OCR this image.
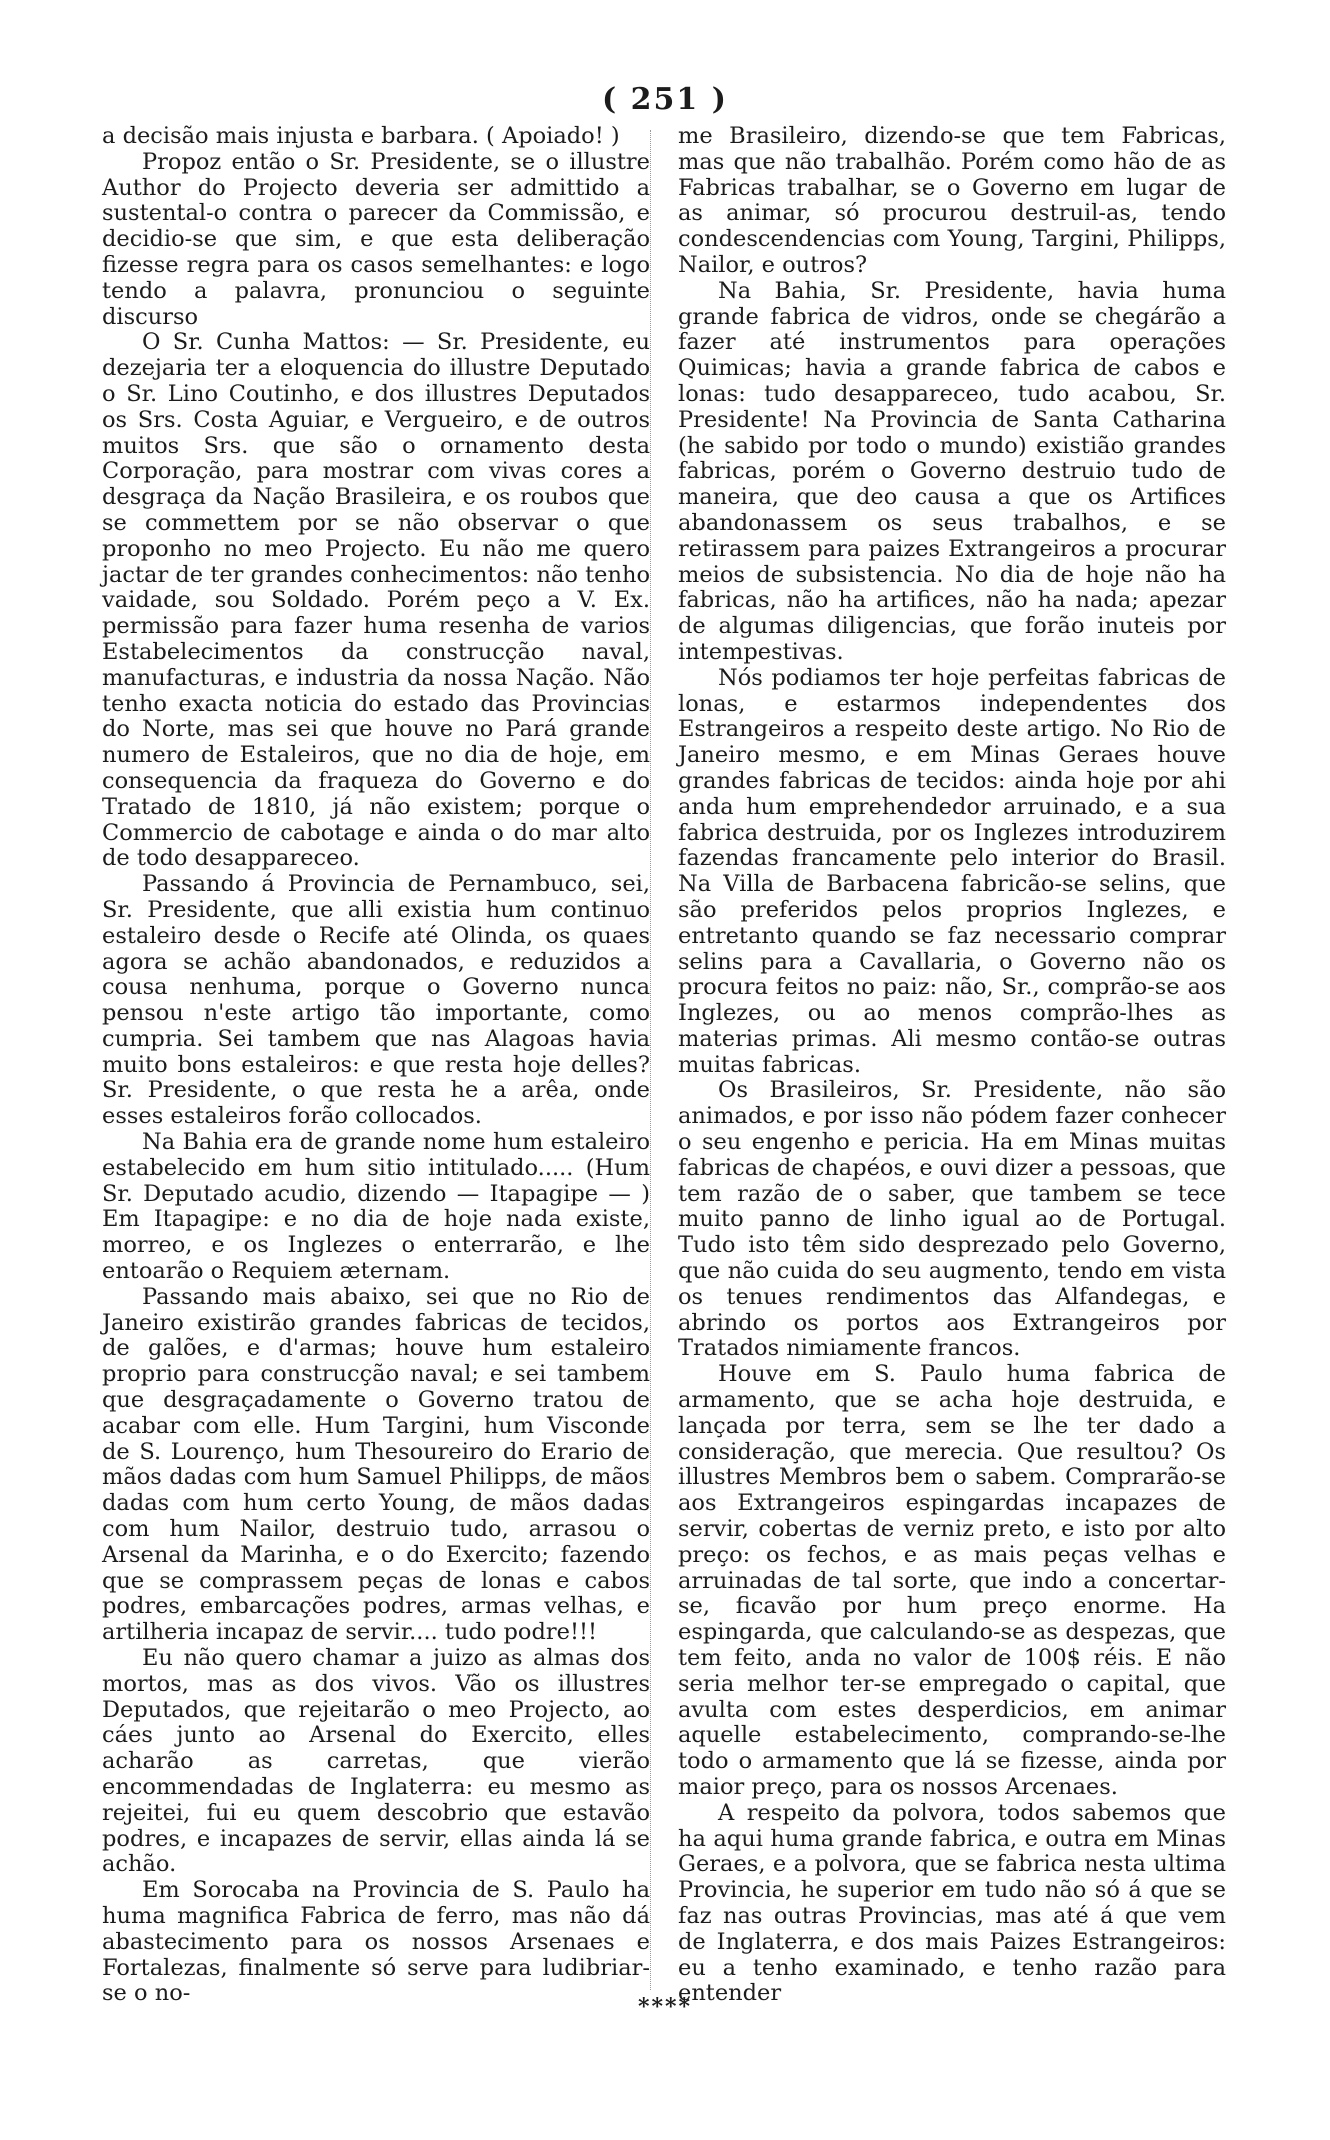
( 251 )

a decisão mais injusta e barbara. ( Apoiado! )

Propoz então o Sr. Presidente, se o illustre Author do Projecto deveria ser admittido a sustental-o contra o parecer da Commissão, e decidio-se que sim, e que esta deliberação fizesse regra para os casos semelhantes: e logo tendo a palavra, pronunciou o seguinte discurso

O Sr. Cunha Mattos: — Sr. Presidente, eu dezejaria ter a eloquencia do illustre Deputado o Sr. Lino Coutinho, e dos illustres Deputados os Srs. Costa Aguiar, e Vergueiro, e de outros muitos Srs. que são o ornamento desta Corporação, para mostrar com vivas cores a desgraça da Nação Brasileira, e os roubos que se commettem por se não observar o que proponho no meo Projecto. Eu não me quero jactar de ter grandes conhecimentos: não tenho vaidade, sou Soldado. Porém peço a V. Ex. permissão para fazer huma resenha de varios Estabelecimentos da construcção naval, manufacturas, e industria da nossa Nação. Não tenho exacta noticia do estado das Provincias do Norte, mas sei que houve no Pará grande numero de Estaleiros, que no dia de hoje, em consequencia da fraqueza do Governo e do Tratado de 1810, já não existem; porque o Commercio de cabotage e ainda o do mar alto de todo desappareceo.

Passando á Provincia de Pernambuco, sei, Sr. Presidente, que alli existia hum continuo estaleiro desde o Recife até Olinda, os quaes agora se achão abandonados, e reduzidos a cousa nenhuma, porque o Governo nunca pensou n'este artigo tão importante, como cumpria. Sei tambem que nas Alagoas havia muito bons estaleiros: e que resta hoje delles? Sr. Presidente, o que resta he a arêa, onde esses estaleiros forão collocados.

Na Bahia era de grande nome hum estaleiro estabelecido em hum sitio intitulado..... (Hum Sr. Deputado acudio, dizendo — Itapagipe — ) Em Itapagipe: e no dia de hoje nada existe, morreo, e os Inglezes o enterrarão, e lhe entoarão o Requiem æternam.

Passando mais abaixo, sei que no Rio de Janeiro existirão grandes fabricas de tecidos, de galões, e d'armas; houve hum estaleiro proprio para construcção naval; e sei tambem que desgraçadamente o Governo tratou de acabar com elle. Hum Targini, hum Visconde de S. Lourenço, hum Thesoureiro do Erario de mãos dadas com hum Samuel Philipps, de mãos dadas com hum certo Young, de mãos dadas com hum Nailor, destruio tudo, arrasou o Arsenal da Marinha, e o do Exercito; fazendo que se comprassem peças de lonas e cabos podres, embarcações podres, armas velhas, e artilheria incapaz de servir.... tudo podre!!!

Eu não quero chamar a juizo as almas dos mortos, mas as dos vivos. Vão os illustres Deputados, que rejeitarão o meo Projecto, ao cáes junto ao Arsenal do Exercito, elles acharão as carretas, que vierão encommendadas de Inglaterra: eu mesmo as rejeitei, fui eu quem descobrio que estavão podres, e incapazes de servir, ellas ainda lá se achão.

Em Sorocaba na Provincia de S. Paulo ha huma magnifica Fabrica de ferro, mas não dá abastecimento para os nossos Arsenaes e Fortalezas, finalmente só serve para ludibriar-se o no-

me Brasileiro, dizendo-se que tem Fabricas, mas que não trabalhão. Porém como hão de as Fabricas trabalhar, se o Governo em lugar de as animar, só procurou destruil-as, tendo condescendencias com Young, Targini, Philipps, Nailor, e outros?

Na Bahia, Sr. Presidente, havia huma grande fabrica de vidros, onde se chegárão a fazer até instrumentos para operações Quimicas; havia a grande fabrica de cabos e lonas: tudo desappareceo, tudo acabou, Sr. Presidente! Na Provincia de Santa Catharina (he sabido por todo o mundo) existião grandes fabricas, porém o Governo destruio tudo de maneira, que deo causa a que os Artifices abandonassem os seus trabalhos, e se retirassem para paizes Extrangeiros a procurar meios de subsistencia. No dia de hoje não ha fabricas, não ha artifices, não ha nada; apezar de algumas diligencias, que forão inuteis por intempestivas.

Nós podiamos ter hoje perfeitas fabricas de lonas, e estarmos independentes dos Estrangeiros a respeito deste artigo. No Rio de Janeiro mesmo, e em Minas Geraes houve grandes fabricas de tecidos: ainda hoje por ahi anda hum emprehendedor arruinado, e a sua fabrica destruida, por os Inglezes introduzirem fazendas francamente pelo interior do Brasil. Na Villa de Barbacena fabricão-se selins, que são preferidos pelos proprios Inglezes, e entretanto quando se faz necessario comprar selins para a Cavallaria, o Governo não os procura feitos no paiz: não, Sr., comprão-se aos Inglezes, ou ao menos comprão-lhes as materias primas. Ali mesmo contão-se outras muitas fabricas.

Os Brasileiros, Sr. Presidente, não são animados, e por isso não pódem fazer conhecer o seu engenho e pericia. Ha em Minas muitas fabricas de chapéos, e ouvi dizer a pessoas, que tem razão de o saber, que tambem se tece muito panno de linho igual ao de Portugal. Tudo isto têm sido desprezado pelo Governo, que não cuida do seu augmento, tendo em vista os tenues rendimentos das Alfandegas, e abrindo os portos aos Extrangeiros por Tratados nimiamente francos.

Houve em S. Paulo huma fabrica de armamento, que se acha hoje destruida, e lançada por terra, sem se lhe ter dado a consideração, que merecia. Que resultou? Os illustres Membros bem o sabem. Comprarão-se aos Extrangeiros espingardas incapazes de servir, cobertas de verniz preto, e isto por alto preço: os fechos, e as mais peças velhas e arruinadas de tal sorte, que indo a concertar-se, ficavão por hum preço enorme. Ha espingarda, que calculando-se as despezas, que tem feito, anda no valor de 100$ réis. E não seria melhor ter-se empregado o capital, que avulta com estes desperdicios, em animar aquelle estabelecimento, comprando-se-lhe todo o armamento que lá se fizesse, ainda por maior preço, para os nossos Arcenaes.

A respeito da polvora, todos sabemos que ha aqui huma grande fabrica, e outra em Minas Geraes, e a polvora, que se fabrica nesta ultima Provincia, he superior em tudo não só á que se faz nas outras Provincias, mas até á que vem de Inglaterra, e dos mais Paizes Estrangeiros: eu a tenho examinado, e tenho razão para entender

****
